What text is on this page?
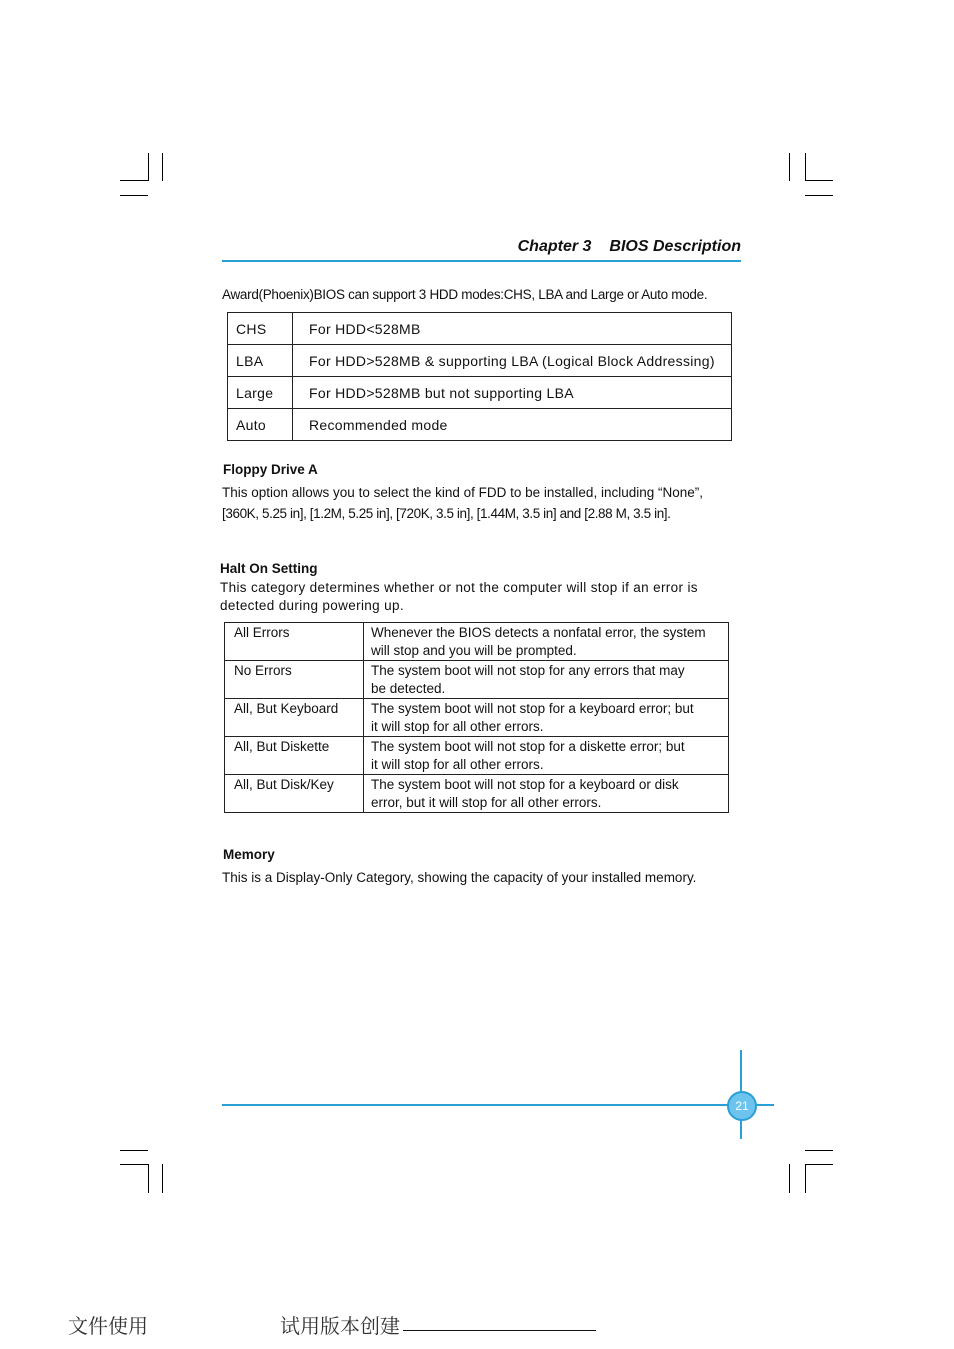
Chapter 3 BIOS Description
Award(Phoenix)BIOS can support 3 HDD modes:CHS, LBA and Large or Auto mode.
CHS	For HDD<528MB
LBA	For HDD>528MB & supporting LBA (Logical Block Addressing)
Large	For HDD>528MB but not supporting LBA
Auto	Recommended mode
Floppy Drive A
This option allows you to select the kind of FDD to be installed, including “None”,
[360K, 5.25 in], [1.2M, 5.25 in], [720K, 3.5 in], [1.44M, 3.5 in] and [2.88 M, 3.5 in].
Halt On Setting
This category determines whether or not the computer will stop if an error is
detected during powering up.
All Errors	Whenever the BIOS detects a nonfatal error, the system
will stop and you will be prompted.

No Errors	The system boot will not stop for any errors that may
be detected.

All, But Keyboard	The system boot will not stop for a keyboard error; but
it will stop for all other errors.

All, But Diskette	The system boot will not stop for a diskette error; but
it will stop for all other errors.

All, But Disk/Key	The system boot will not stop for a keyboard or disk
error, but it will stop for all other errors.
Memory
This is a Display-Only Category, showing the capacity of your installed memory.
21
文件使用	试用版本创建
